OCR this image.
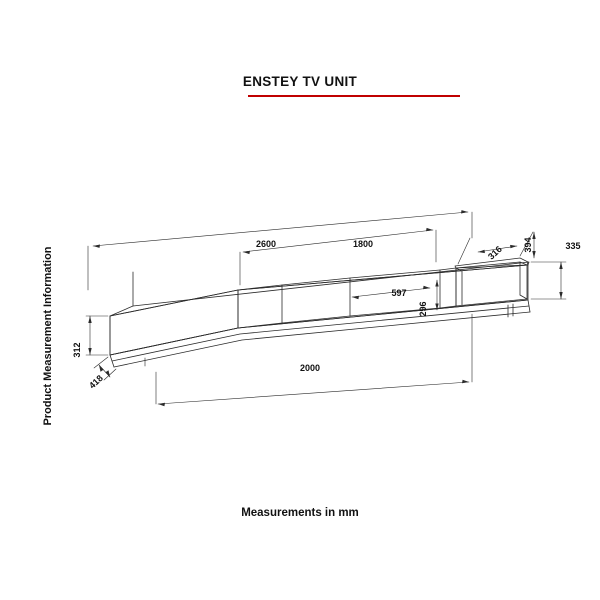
ENSTEY TV UNIT
Product Measurement Information
2600	1800
316 394	335
312
418
2000
597
296
Measurements in mm
